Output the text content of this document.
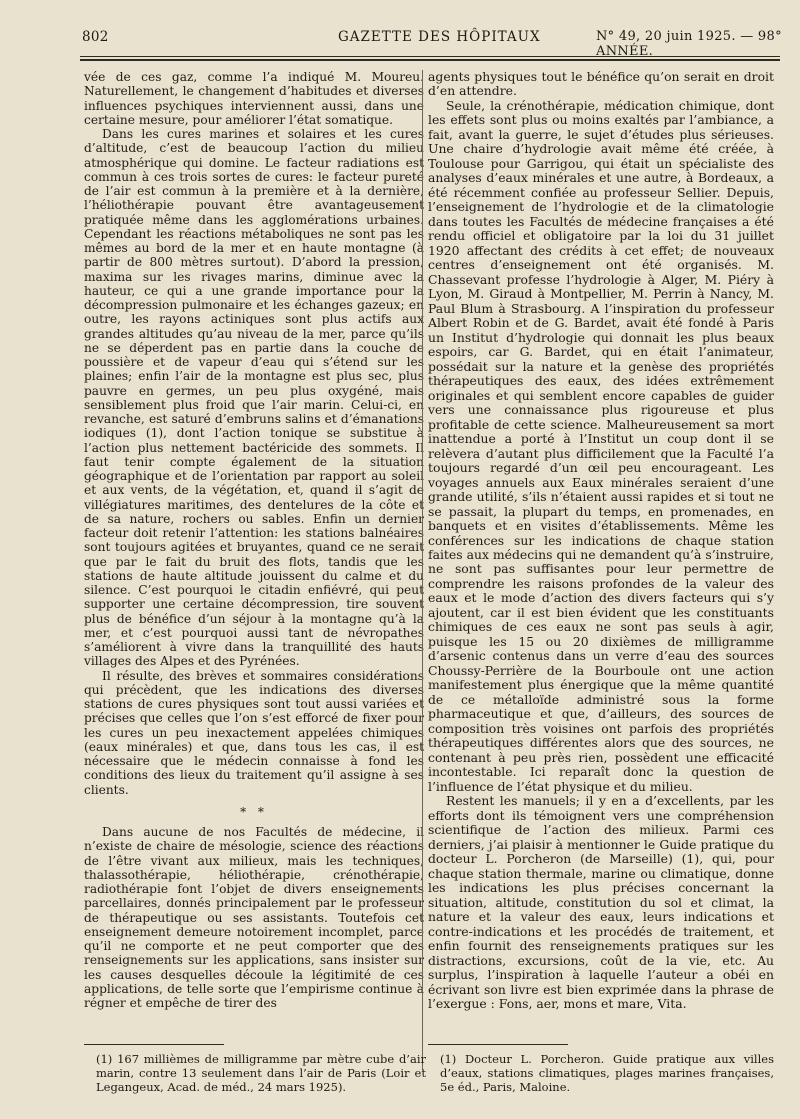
802	GAZETTE DES HÔPITAUX	N° 49, 20 juin 1925. — 98° ANNÉE.

vée de ces gaz, comme l’a indiqué M. Moureu. Naturellement, le changement d’habitudes et diverses influences psychiques interviennent aussi, dans une certaine mesure, pour améliorer l’état somatique.

Dans les cures marines et solaires et les cures d’altitude, c’est de beaucoup l’action du milieu atmosphérique qui domine. Le facteur radiations est commun à ces trois sortes de cures: le facteur pureté de l’air est commun à la première et à la dernière, l’héliothérapie pouvant être avantageusement pratiquée même dans les agglomérations urbaines. Cependant les réactions métaboliques ne sont pas les mêmes au bord de la mer et en haute montagne (à partir de 800 mètres surtout). D’abord la pression, maxima sur les rivages marins, diminue avec la hauteur, ce qui a une grande importance pour la décompression pulmonaire et les échanges gazeux; en outre, les rayons actiniques sont plus actifs aux grandes altitudes qu’au niveau de la mer, parce qu’ils ne se déperdent pas en partie dans la couche de poussière et de vapeur d’eau qui s’étend sur les plaines; enfin l’air de la montagne est plus sec, plus pauvre en germes, un peu plus oxygéné, mais sensiblement plus froid que l’air marin. Celui-ci, en revanche, est saturé d’embruns salins et d’émanations iodiques (1), dont l’action tonique se substitue à l’action plus nettement bactéricide des sommets. Il faut tenir compte également de la situation géographique et de l’orientation par rapport au soleil et aux vents, de la végétation, et, quand il s’agit de villégiatures maritimes, des dentelures de la côte et de sa nature, rochers ou sables. Enfin un dernier facteur doit retenir l’attention: les stations balnéaires sont toujours agitées et bruyantes, quand ce ne serait que par le fait du bruit des flots, tandis que les stations de haute altitude jouissent du calme et du silence. C’est pourquoi le citadin enfiévré, qui peut supporter une certaine décompression, tire souvent plus de bénéfice d’un séjour à la montagne qu’à la mer, et c’est pourquoi aussi tant de névropathes s’améliorent à vivre dans la tranquillité des hauts villages des Alpes et des Pyrénées.

Il résulte, des brèves et sommaires considérations qui précèdent, que les indications des diverses stations de cures physiques sont tout aussi variées et précises que celles que l’on s’est efforcé de fixer pour les cures un peu inexactement appelées chimiques (eaux minérales) et que, dans tous les cas, il est nécessaire que le médecin connaisse à fond les conditions des lieux du traitement qu’il assigne à ses clients.

* *

Dans aucune de nos Facultés de médecine, il n’existe de chaire de mésologie, science des réactions de l’être vivant aux milieux, mais les techniques, thalassothérapie, héliothérapie, crénothérapie, radiothérapie font l’objet de divers enseignements parcellaires, donnés principalement par le professeur de thérapeutique ou ses assistants. Toutefois cet enseignement demeure notoirement incomplet, parce qu’il ne comporte et ne peut comporter que des renseignements sur les applications, sans insister sur les causes desquelles découle la légitimité de ces applications, de telle sorte que l’empirisme continue à régner et empêche de tirer des

agents physiques tout le bénéfice qu’on serait en droit d’en attendre.

Seule, la crénothérapie, médication chimique, dont les effets sont plus ou moins exaltés par l’ambiance, a fait, avant la guerre, le sujet d’études plus sérieuses. Une chaire d’hydrologie avait même été créée, à Toulouse pour Garrigou, qui était un spécialiste des analyses d’eaux minérales et une autre, à Bordeaux, a été récemment confiée au professeur Sellier. Depuis, l’enseignement de l’hydrologie et de la climatologie dans toutes les Facultés de médecine françaises a été rendu officiel et obligatoire par la loi du 31 juillet 1920 affectant des crédits à cet effet; de nouveaux centres d’enseignement ont été organisés. M. Chassevant professe l’hydrologie à Alger, M. Piéry à Lyon, M. Giraud à Montpellier, M. Perrin à Nancy, M. Paul Blum à Strasbourg. A l’inspiration du professeur Albert Robin et de G. Bardet, avait été fondé à Paris un Institut d’hydrologie qui donnait les plus beaux espoirs, car G. Bardet, qui en était l’animateur, possédait sur la nature et la genèse des propriétés thérapeutiques des eaux, des idées extrêmement originales et qui semblent encore capables de guider vers une connaissance plus rigoureuse et plus profitable de cette science. Malheureusement sa mort inattendue a porté à l’Institut un coup dont il se relèvera d’autant plus difficilement que la Faculté l’a toujours regardé d’un œil peu encourageant. Les voyages annuels aux Eaux minérales seraient d’une grande utilité, s’ils n’étaient aussi rapides et si tout ne se passait, la plupart du temps, en promenades, en banquets et en visites d’établissements. Même les conférences sur les indications de chaque station faites aux médecins qui ne demandent qu’à s’instruire, ne sont pas suffisantes pour leur permettre de comprendre les raisons profondes de la valeur des eaux et le mode d’action des divers facteurs qui s’y ajoutent, car il est bien évident que les constituants chimiques de ces eaux ne sont pas seuls à agir, puisque les 15 ou 20 dixièmes de milligramme d’arsenic contenus dans un verre d’eau des sources Choussy-Perrière de la Bourboule ont une action manifestement plus énergique que la même quantité de ce métalloïde administré sous la forme pharmaceutique et que, d’ailleurs, des sources de composition très voisines ont parfois des propriétés thérapeutiques différentes alors que des sources, ne contenant à peu près rien, possèdent une efficacité incontestable. Ici reparaît donc la question de l’influence de l’état physique et du milieu.

Restent les manuels; il y en a d’excellents, par les efforts dont ils témoignent vers une compréhension scientifique de l’action des milieux. Parmi ces derniers, j’ai plaisir à mentionner le Guide pratique du docteur L. Porcheron (de Marseille) (1), qui, pour chaque station thermale, marine ou climatique, donne les indications les plus précises concernant la situation, altitude, constitution du sol et climat, la nature et la valeur des eaux, leurs indications et contre-indications et les procédés de traitement, et enfin fournit des renseignements pratiques sur les distractions, excursions, coût de la vie, etc. Au surplus, l’inspiration à laquelle l’auteur a obéi en écrivant son livre est bien exprimée dans la phrase de l’exergue : Fons, aer, mons et mare, Vita.

(1) 167 millièmes de milligramme par mètre cube d’air marin, contre 13 seulement dans l’air de Paris (Loir et Legangeux, Acad. de méd., 24 mars 1925).
(1) Docteur L. Porcheron. Guide pratique aux villes d’eaux, stations climatiques, plages marines françaises, 5e éd., Paris, Maloine.
